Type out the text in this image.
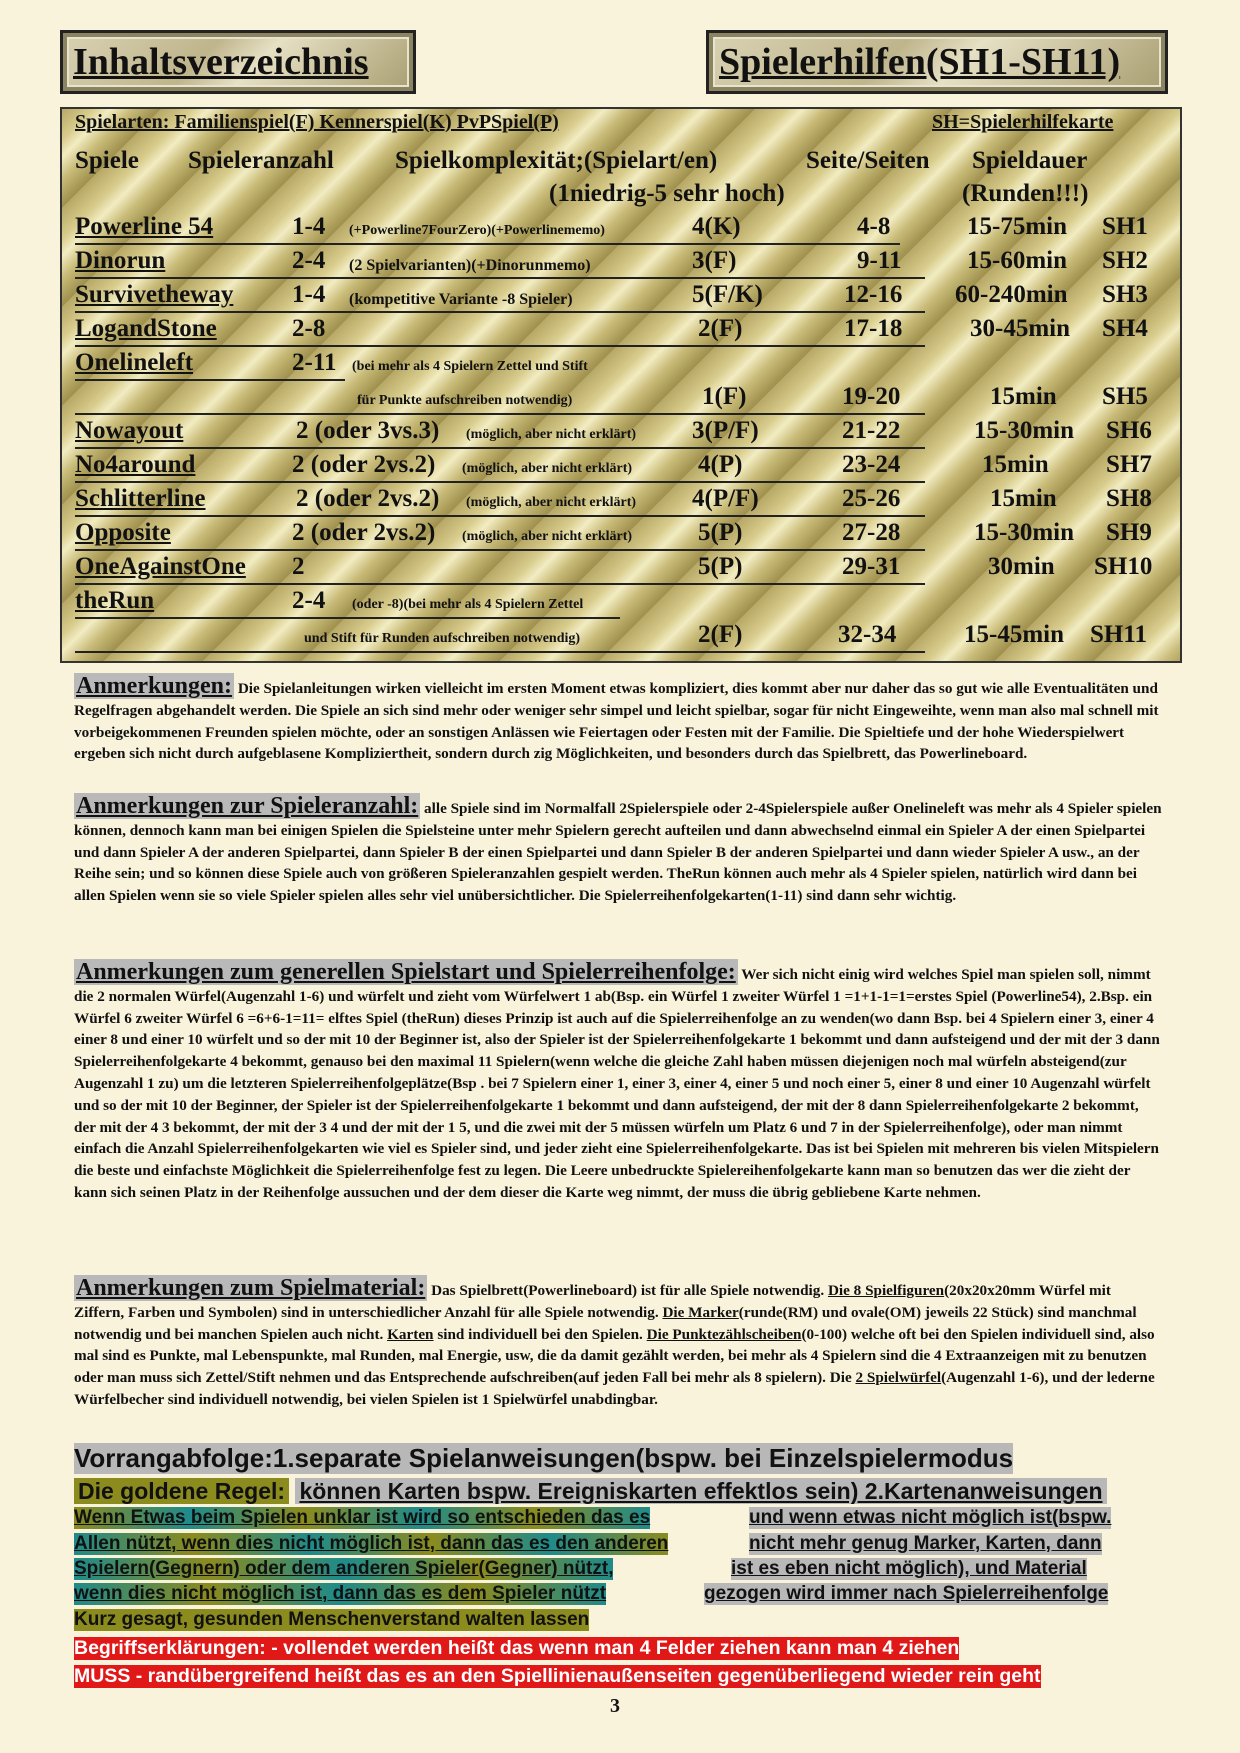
Inhaltsverzeichnis	Spielerhilfen(SH1-SH11)
Spielarten: Familienspiel(F) Kennerspiel(K) PvPSpiel(P)	SH=Spielerhilfekarte
Spiele Spieleranzahl Spielkomplexität;(Spielart/en)
(1niedrig-5 sehr hoch)
Seite/Seiten Spieldauer
(Runden!!!)
Powerline 54	1-4 (+Powerline7FourZero)(+Powerlinememo)	4(K)	4-8	15-75min SH1
Dinorun	2-4 (2 Spielvarianten)(+Dinorunmemo)	3(F)	9-11	15-60min SH2
Survivetheway 1-4 (kompetitive Variante -8 Spieler)	5(F/K)	12-16 60-240min SH3
LogandStone	2-8	2(F)	17-18	30-45min SH4
Onelineleft	2-11 (bei mehr als 4 Spielern Zettel und Stift
für Punkte aufschreiben notwendig)	1(F)	19-20	15min SH5
Nowayout	2 (oder 3vs.3) (möglich, aber nicht erklärt) 3(P/F)	21-22	15-30min SH6
No4around	2 (oder 2vs.2) (möglich, aber nicht erklärt)	4(P)	23-24	15min SH7
Schlitterline	2 (oder 2vs.2) (möglich, aber nicht erklärt) 4(P/F)	25-26	15min SH8
Opposite	2 (oder 2vs.2) (möglich, aber nicht erklärt)	5(P)	27-28	15-30min SH9
OneAgainstOne 2	5(P)	29-31	30min SH10
theRun	2-4 (oder -8)(bei mehr als 4 Spielern Zettel
und Stift für Runden aufschreiben notwendig)	2(F)	32-34	15-45min SH11

Anmerkungen: Die Spielanleitungen wirken vielleicht im ersten Moment etwas kompliziert, dies kommt aber nur daher das so gut wie alle Eventualitäten und Regelfragen abgehandelt werden. Die Spiele an sich sind mehr oder weniger sehr simpel und leicht spielbar, sogar für nicht Eingeweihte, wenn man also mal schnell mit vorbeigekommenen Freunden spielen möchte, oder an sonstigen Anlässen wie Feiertagen oder Festen mit der Familie. Die Spieltiefe und der hohe Wiederspielwert ergeben sich nicht durch aufgeblasene Kompliziertheit, sondern durch zig Möglichkeiten, und besonders durch das Spielbrett, das Powerlineboard.

Anmerkungen zur Spieleranzahl: alle Spiele sind im Normalfall 2Spielerspiele oder 2-4Spielerspiele außer Onelineleft was mehr als 4 Spieler spielen können, dennoch kann man bei einigen Spielen die Spielsteine unter mehr Spielern gerecht aufteilen und dann abwechselnd einmal ein Spieler A der einen Spielpartei und dann Spieler A der anderen Spielpartei, dann Spieler B der einen Spielpartei und dann Spieler B der anderen Spielpartei und dann wieder Spieler A usw., an der Reihe sein; und so können diese Spiele auch von größeren Spieleranzahlen gespielt werden. TheRun können auch mehr als 4 Spieler spielen, natürlich wird dann bei allen Spielen wenn sie so viele Spieler spielen alles sehr viel unübersichtlicher. Die Spielerreihenfolgekarten(1-11) sind dann sehr wichtig.

Anmerkungen zum generellen Spielstart und Spielerreihenfolge: Wer sich nicht einig wird welches Spiel man spielen soll, nimmt die 2 normalen Würfel(Augenzahl 1-6) und würfelt und zieht vom Würfelwert 1 ab(Bsp. ein Würfel 1 zweiter Würfel 1 =1+1-1=1=erstes Spiel (Powerline54), 2.Bsp. ein Würfel 6 zweiter Würfel 6 =6+6-1=11= elftes Spiel (theRun) dieses Prinzip ist auch auf die Spielerreihenfolge an zu wenden(wo dann Bsp. bei 4 Spielern einer 3, einer 4 einer 8 und einer 10 würfelt und so der mit 10 der Beginner ist, also der Spieler ist der Spielerreihenfolgekarte 1 bekommt und dann aufsteigend und der mit der 3 dann Spielerreihenfolgekarte 4 bekommt, genauso bei den maximal 11 Spielern(wenn welche die gleiche Zahl haben müssen diejenigen noch mal würfeln absteigend(zur Augenzahl 1 zu) um die letzteren Spielerreihenfolgeplätze(Bsp . bei 7 Spielern einer 1, einer 3, einer 4, einer 5 und noch einer 5, einer 8 und einer 10 Augenzahl würfelt und so der mit 10 der Beginner, der Spieler ist der Spielerreihenfolgekarte 1 bekommt und dann aufsteigend, der mit der 8 dann Spielerreihenfolgekarte 2 bekommt, der mit der 4 3 bekommt, der mit der 3 4 und der mit der 1 5, und die zwei mit der 5 müssen würfeln um Platz 6 und 7 in der Spielerreihenfolge), oder man nimmt einfach die Anzahl Spielerreihenfolgekarten wie viel es Spieler sind, und jeder zieht eine Spielerreihenfolgekarte. Das ist bei Spielen mit mehreren bis vielen Mitspielern die beste und einfachste Möglichkeit die Spielerreihenfolge fest zu legen. Die Leere unbedruckte Spielereihenfolgekarte kann man so benutzen das wer die zieht der kann sich seinen Platz in der Reihenfolge aussuchen und der dem dieser die Karte weg nimmt, der muss die übrig gebliebene Karte nehmen.

Anmerkungen zum Spielmaterial: Das Spielbrett(Powerlineboard) ist für alle Spiele notwendig. Die 8 Spielfiguren(20x20x20mm Würfel mit Ziffern, Farben und Symbolen) sind in unterschiedlicher Anzahl für alle Spiele notwendig. Die Marker(runde(RM) und ovale(OM) jeweils 22 Stück) sind manchmal notwendig und bei manchen Spielen auch nicht. Karten sind individuell bei den Spielen. Die Punktezählscheiben(0-100) welche oft bei den Spielen individuell sind, also mal sind es Punkte, mal Lebenspunkte, mal Runden, mal Energie, usw, die da damit gezählt werden, bei mehr als 4 Spielern sind die 4 Extraanzeigen mit zu benutzen oder man muss sich Zettel/Stift nehmen und das Entsprechende aufschreiben(auf jeden Fall bei mehr als 8 spielern). Die 2 Spielwürfel(Augenzahl 1-6), und der lederne Würfelbecher sind individuell notwendig, bei vielen Spielen ist 1 Spielwürfel unabdingbar.

Vorrangabfolge:1.separate Spielanweisungen(bspw. bei Einzelspielermodus
Die goldene Regel: können Karten bspw. Ereigniskarten effektlos sein) 2.Kartenanweisungen
Wenn Etwas beim Spielen unklar ist wird so entschieden das es
Allen nützt, wenn dies nicht möglich ist, dann das es den anderen
Spielern(Gegnern) oder dem anderen Spieler(Gegner) nützt,
wenn dies nicht möglich ist, dann das es dem Spieler nützt
Kurz gesagt, gesunden Menschenverstand walten lassen
und wenn etwas nicht möglich ist(bspw.
nicht mehr genug Marker, Karten, dann
ist es eben nicht möglich), und Material
gezogen wird immer nach Spielerreihenfolge
Begriffserklärungen: - vollendet werden heißt das wenn man 4 Felder ziehen kann man 4 ziehen
MUSS - randübergreifend heißt das es an den Spiellinienaußenseiten gegenüberliegend wieder rein geht
3
